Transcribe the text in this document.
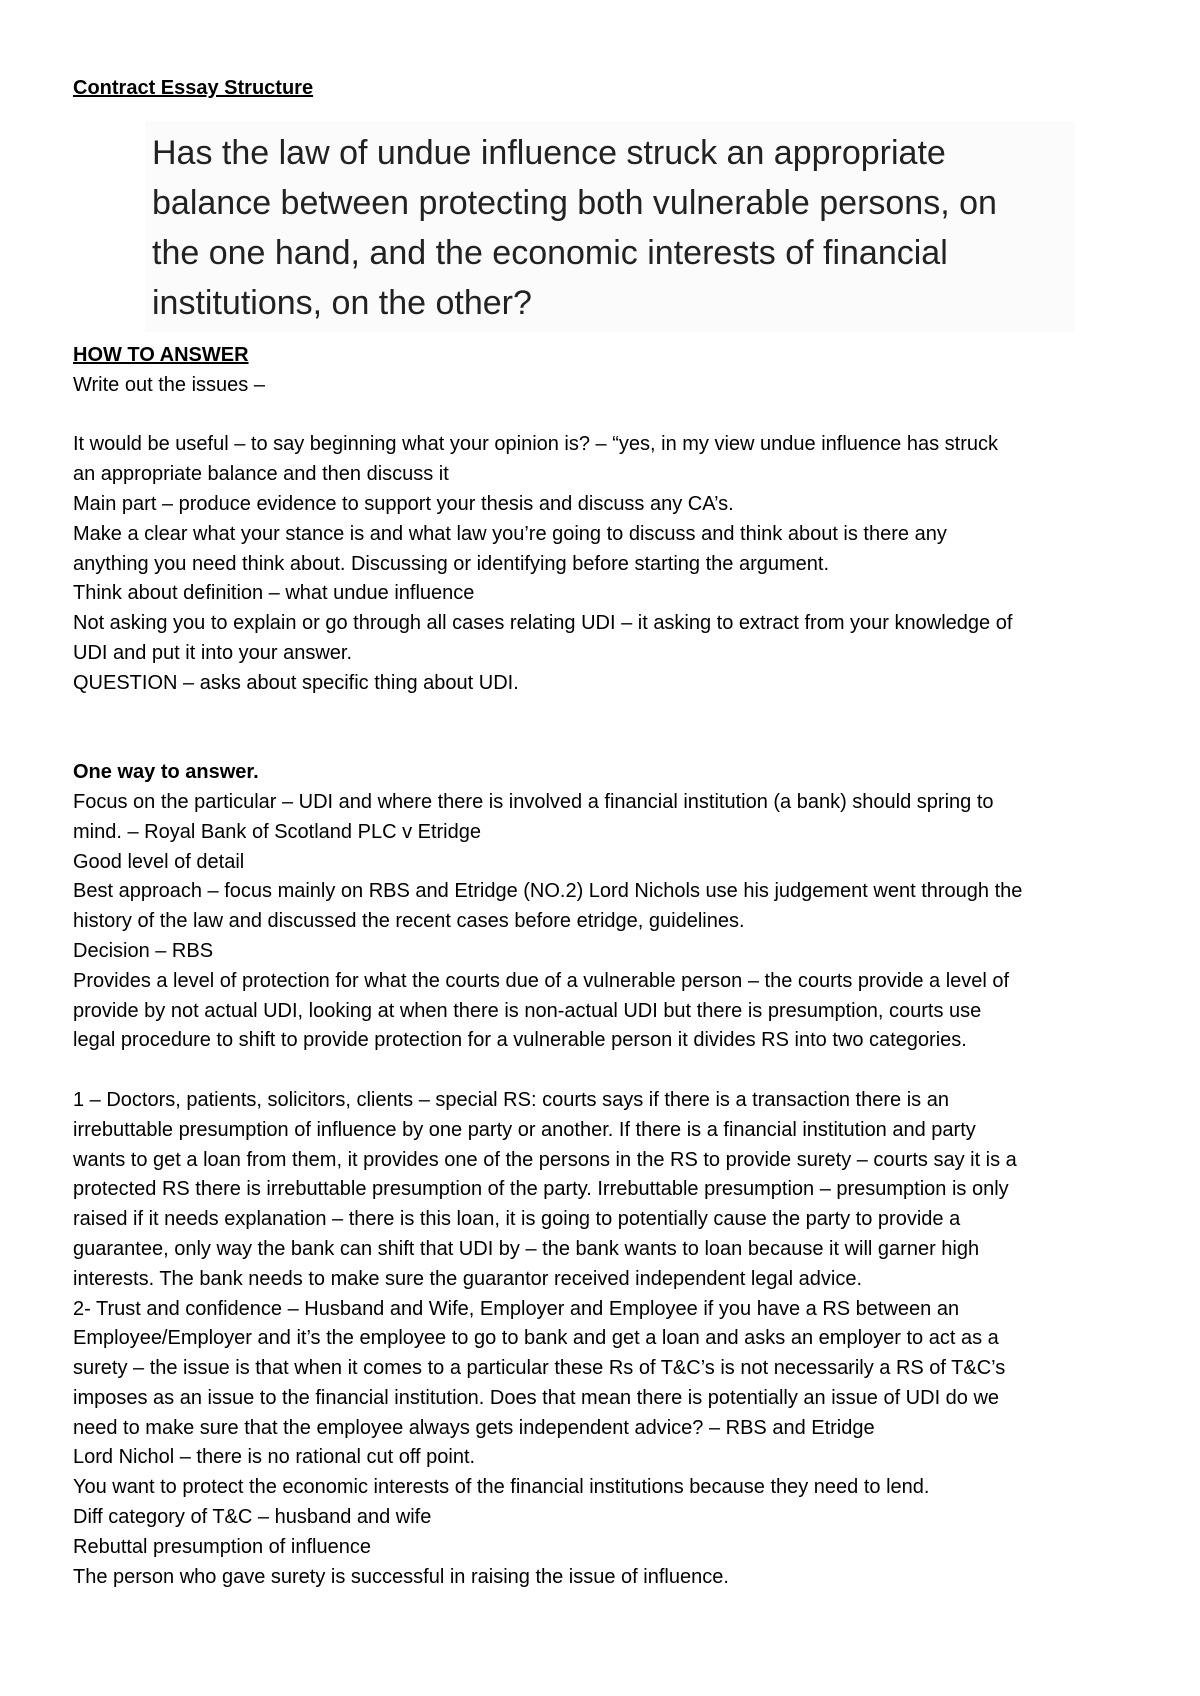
Contract Essay Structure
Has the law of undue influence struck an appropriate
balance between protecting both vulnerable persons, on
the one hand, and the economic interests of financial
institutions, on the other?
HOW TO ANSWER
Write out the issues –
It would be useful – to say beginning what your opinion is? – “yes, in my view undue influence has struck
an appropriate balance and then discuss it
Main part – produce evidence to support your thesis and discuss any CA’s.
Make a clear what your stance is and what law you’re going to discuss and think about is there any
anything you need think about. Discussing or identifying before starting the argument.
Think about definition – what undue influence
Not asking you to explain or go through all cases relating UDI – it asking to extract from your knowledge of
UDI and put it into your answer.
QUESTION – asks about specific thing about UDI.
One way to answer.
Focus on the particular – UDI and where there is involved a financial institution (a bank) should spring to
mind. – Royal Bank of Scotland PLC v Etridge
Good level of detail
Best approach – focus mainly on RBS and Etridge (NO.2) Lord Nichols use his judgement went through the
history of the law and discussed the recent cases before etridge, guidelines.
Decision – RBS
Provides a level of protection for what the courts due of a vulnerable person – the courts provide a level of
provide by not actual UDI, looking at when there is non-actual UDI but there is presumption, courts use
legal procedure to shift to provide protection for a vulnerable person it divides RS into two categories.
1 – Doctors, patients, solicitors, clients – special RS: courts says if there is a transaction there is an
irrebuttable presumption of influence by one party or another. If there is a financial institution and party
wants to get a loan from them, it provides one of the persons in the RS to provide surety – courts say it is a
protected RS there is irrebuttable presumption of the party. Irrebuttable presumption – presumption is only
raised if it needs explanation – there is this loan, it is going to potentially cause the party to provide a
guarantee, only way the bank can shift that UDI by – the bank wants to loan because it will garner high
interests. The bank needs to make sure the guarantor received independent legal advice.
2- Trust and confidence – Husband and Wife, Employer and Employee if you have a RS between an
Employee/Employer and it’s the employee to go to bank and get a loan and asks an employer to act as a
surety – the issue is that when it comes to a particular these Rs of T&C’s is not necessarily a RS of T&C’s
imposes as an issue to the financial institution. Does that mean there is potentially an issue of UDI do we
need to make sure that the employee always gets independent advice? – RBS and Etridge
Lord Nichol – there is no rational cut off point.
You want to protect the economic interests of the financial institutions because they need to lend.
Diff category of T&C – husband and wife
Rebuttal presumption of influence
The person who gave surety is successful in raising the issue of influence.
